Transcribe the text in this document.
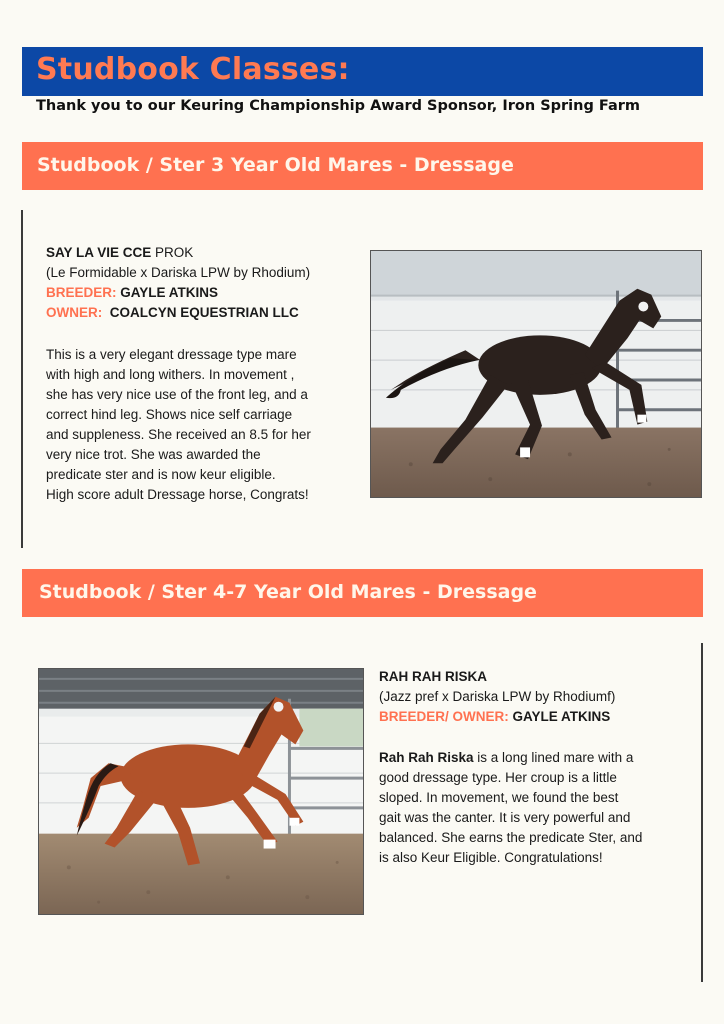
Studbook Classes:
Thank you to our Keuring Championship Award Sponsor, Iron Spring Farm
Studbook / Ster 3 Year Old Mares - Dressage
SAY LA VIE CCE PROK
(Le Formidable x Dariska LPW by Rhodium)
BREEDER: GAYLE ATKINS
OWNER: COALCYN EQUESTRIAN LLC
This is a very elegant dressage type mare
with high and long withers. In movement ,
she has very nice use of the front leg, and a
correct hind leg. Shows nice self carriage
and suppleness. She received an 8.5 for her
very nice trot. She was awarded the
predicate ster and is now keur eligible.
High score adult Dressage horse, Congrats!
Studbook / Ster 4-7 Year Old Mares - Dressage
RAH RAH RISKA
(Jazz pref x Dariska LPW by Rhodiumf)
BREEDER/ OWNER: GAYLE ATKINS
Rah Rah Riska is a long lined mare with a
good dressage type. Her croup is a little
sloped. In movement, we found the best
gait was the canter. It is very powerful and
balanced. She earns the predicate Ster, and
is also Keur Eligible. Congratulations!
